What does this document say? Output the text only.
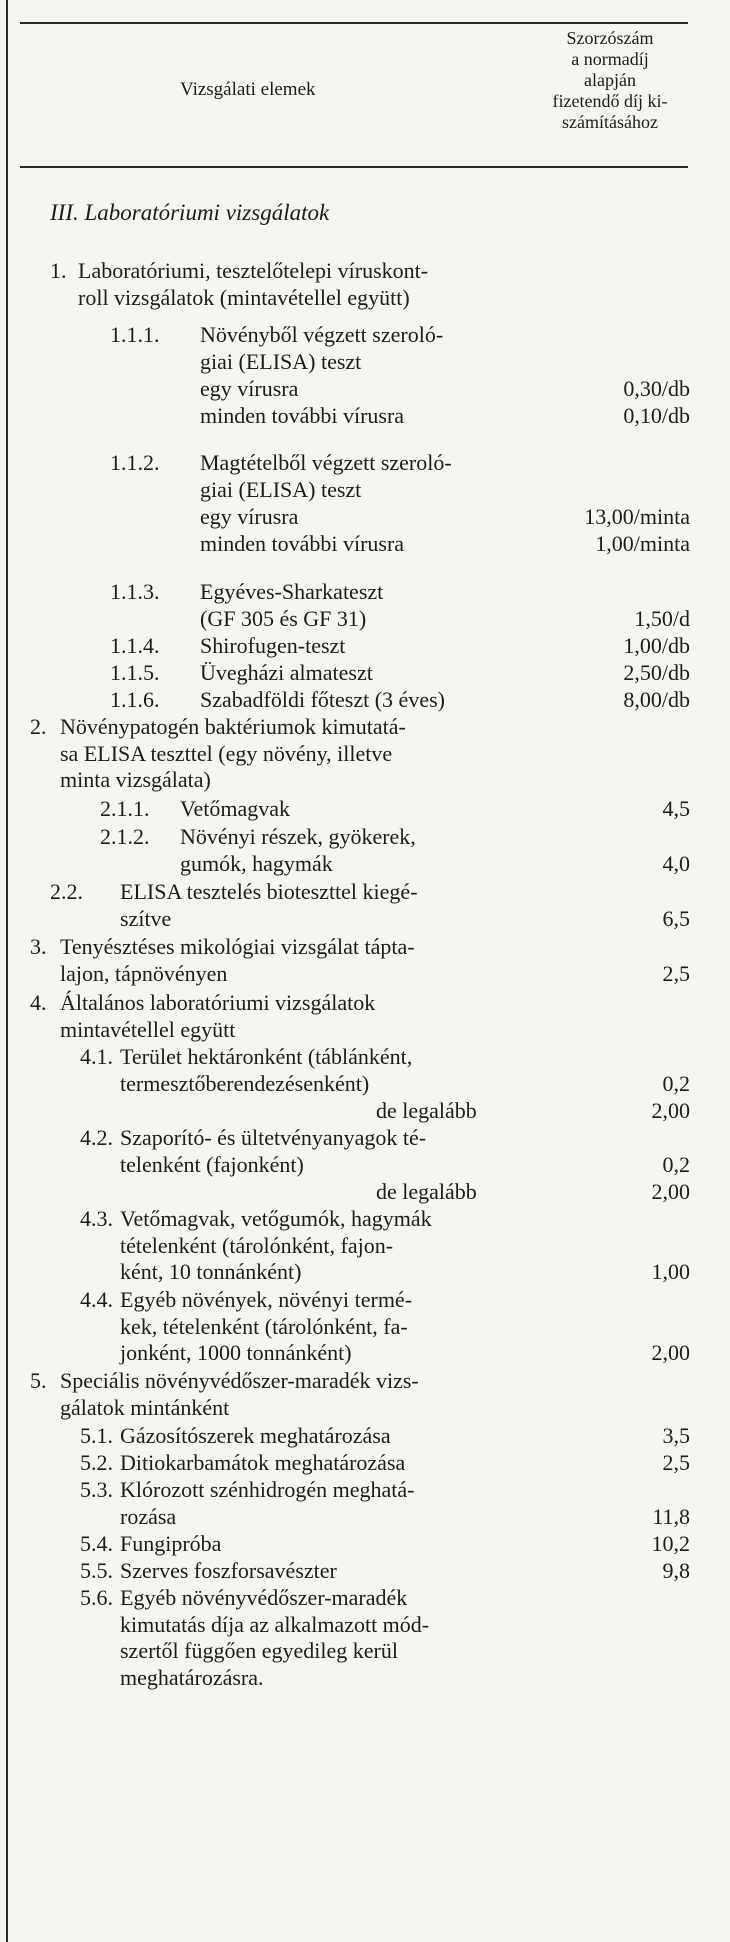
Vizsgálati elemek
Szorzószám
a normadíj
alapján
fizetendő díj ki-
számításához
III. Laboratóriumi vizsgálatok
1. Laboratóriumi, tesztelőtelepi víruskont-
roll vizsgálatok (mintavétellel együtt)
1.1.1. Növényből végzett szeroló-
giai (ELISA) teszt
egy vírusra	0,30/db
minden további vírusra	0,10/db
1.1.2. Magtételből végzett szeroló-
giai (ELISA) teszt
egy vírusra	13,00/minta
minden további vírusra	1,00/minta
1.1.3. Egyéves-Sharkateszt
(GF 305 és GF 31)	1,50/d
1.1.4. Shirofugen-teszt	1,00/db
1.1.5. Üvegházi almateszt	2,50/db
1.1.6. Szabadföldi főteszt (3 éves)	8,00/db
2. Növénypatogén baktériumok kimutatá-
sa ELISA teszttel (egy növény, illetve
minta vizsgálata)
2.1.1. Vetőmagvak	4,5
2.1.2. Növényi részek, gyökerek,
gumók, hagymák	4,0
2.2. ELISA tesztelés bioteszttel kiegé-
szítve	6,5
3. Tenyésztéses mikológiai vizsgálat tápta-
lajon, tápnövényen	2,5
4. Általános laboratóriumi vizsgálatok
mintavétellel együtt
4.1. Terület hektáronként (táblánként,
termesztőberendezésenként)	0,2
de legalább	2,00
4.2. Szaporító- és ültetvényanyagok té-
telenként (fajonként)	0,2
de legalább	2,00
4.3. Vetőmagvak, vetőgumók, hagymák
tételenként (tárolónként, fajon-
ként, 10 tonnánként)	1,00
4.4. Egyéb növények, növényi termé-
kek, tételenként (tárolónként, fa-
jonként, 1000 tonnánként)	2,00
5. Speciális növényvédőszer-maradék vizs-
gálatok mintánként
5.1. Gázosítószerek meghatározása	3,5
5.2. Ditiokarbamátok meghatározása	2,5
5.3. Klórozott szénhidrogén meghatá-
rozása	11,8
5.4. Fungipróba	10,2
5.5. Szerves foszforsavészter	9,8
5.6. Egyéb növényvédőszer-maradék
kimutatás díja az alkalmazott mód-
szertől függően egyedileg kerül
meghatározásra.
